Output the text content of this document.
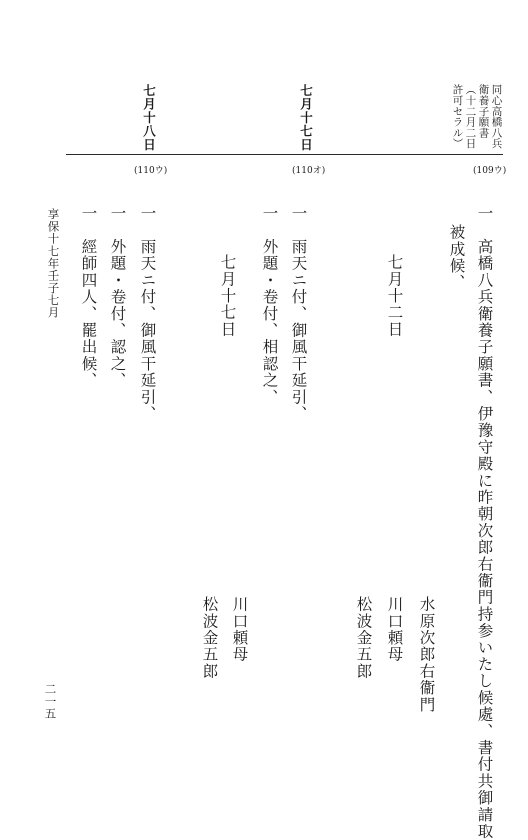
同心高橋八兵
衛養子願書
（十二月二日
許可セラル）
七月十七日
七月十八日
(109ウ)
(110オ)
(110ウ)
一　高橋八兵衛養子願書、伊豫守殿に昨朝次郎右衞門持参いたし候處、書付共御請取
被成候、
七月十二日
水原次郎右衞門
川口頼母
松波金五郎
一　雨天ニ付、御風干延引、
一　外題・卷付、相認之、
七月十七日
川口頼母
松波金五郎
一　雨天ニ付、御風干延引、
一　外題・卷付、認之、
一　經師四人、罷出候、
享保十七年壬子七月
二一五
